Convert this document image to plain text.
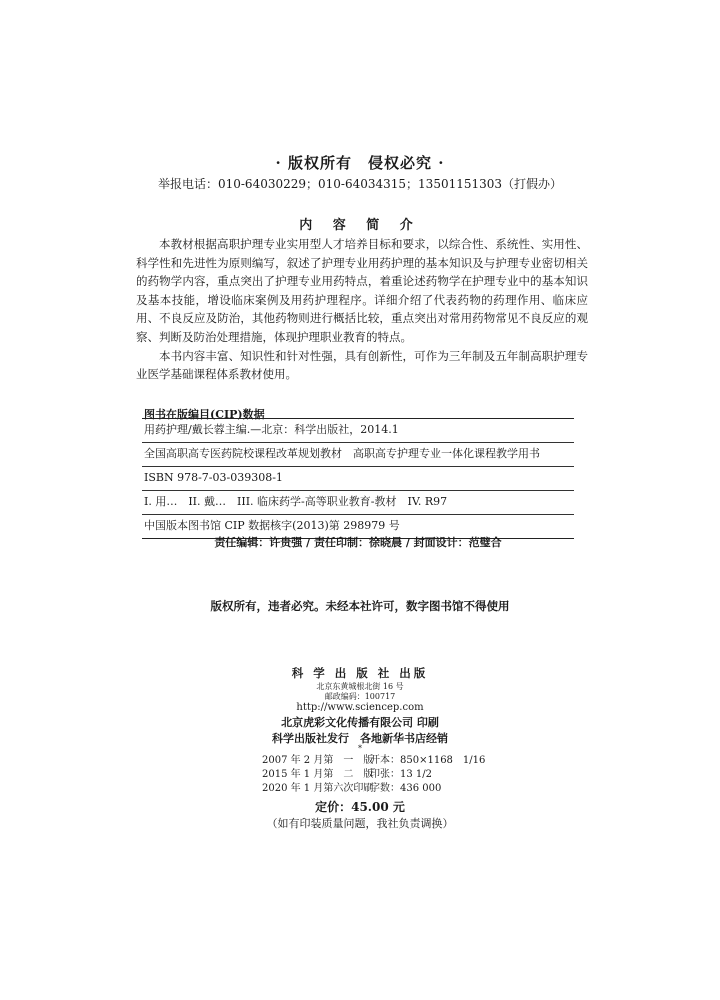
· 版权所有　侵权必究 ·
举报电话：010-64030229；010-64034315；13501151303（打假办）
内 容 简 介

本教材根据高职护理专业实用型人才培养目标和要求，以综合性、系统性、实用性、科学性和先进性为原则编写，叙述了护理专业用药护理的基本知识及与护理专业密切相关的药物学内容，重点突出了护理专业用药特点，着重论述药物学在护理专业中的基本知识及基本技能，增设临床案例及用药护理程序。详细介绍了代表药物的药理作用、临床应用、不良反应及防治，其他药物则进行概括比较，重点突出对常用药物常见不良反应的观察、判断及防治处理措施，体现护理职业教育的特点。

本书内容丰富、知识性和针对性强，具有创新性，可作为三年制及五年制高职护理专业医学基础课程体系教材使用。

图书在版编目(CIP)数据
用药护理/戴长蓉主编.—北京：科学出版社，2014.1
全国高职高专医药院校课程改革规划教材　高职高专护理专业一体化课程教学用书
ISBN 978-7-03-039308-1
I. 用…　II. 戴…　III. 临床药学-高等职业教育-教材　IV. R97
中国版本图书馆 CIP 数据核字(2013)第 298979 号
责任编辑：许贵强 / 责任印制：徐晓晨 / 封面设计：范璧合
版权所有，违者必究。未经本社许可，数字图书馆不得使用
科 学 出 版 社 出版
北京东黄城根北街 16 号
邮政编码：100717
http://www.sciencep.com
北京虎彩文化传播有限公司 印刷
科学出版社发行　各地新华书店经销
*
2007 年 2 月第　一　版
2015 年 1 月第　二　版
2020 年 1 月第六次印刷
开本：850×1168　1/16
印张：13 1/2
字数：436 000
定价：45.00 元
（如有印装质量问题，我社负责调换）
